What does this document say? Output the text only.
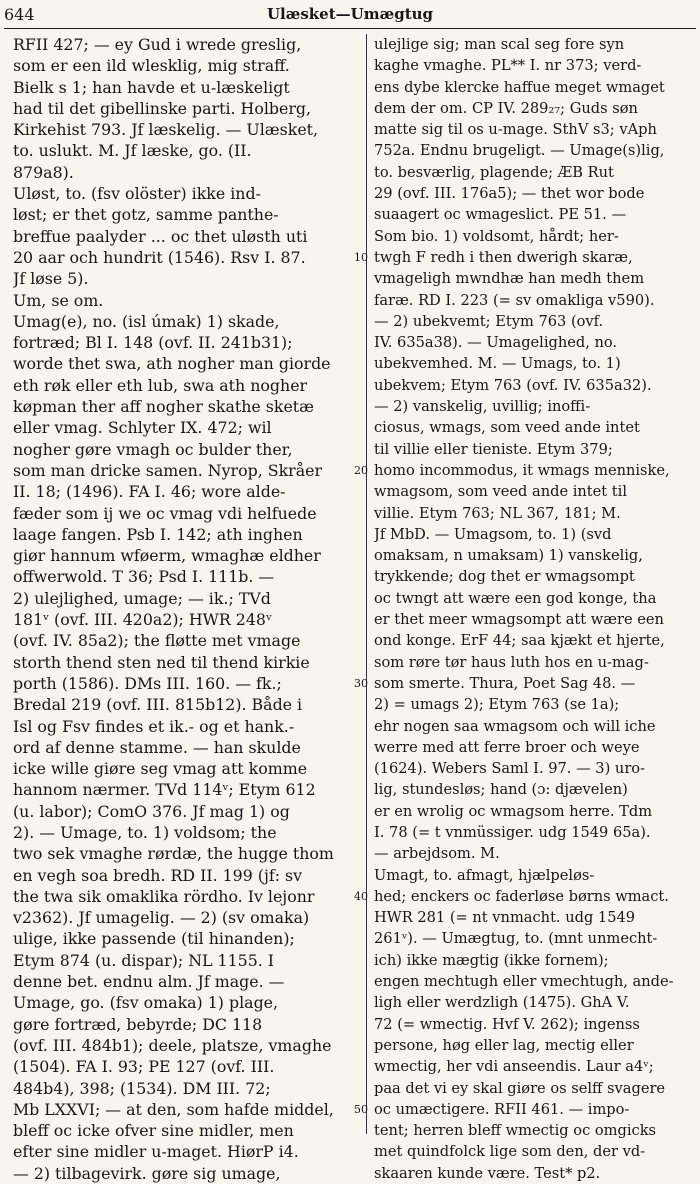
644	Ulæsket—Umægtug
RFII 427; — ey Gud i wrede greslig,
som er een ild wlesklig, mig straff.
Bielk s 1; han havde et u-læskeligt
had til det gibellinske parti. Holberg,
Kirkehist 793. Jf læskelig. — Ulæsket,
to. uslukt. M. Jf læske, go. (II.
879a8).
Uløst, to. (fsv olöster) ikke ind-
løst; er thet gotz, samme panthe-
breffue paalyder ... oc thet uløsth uti
20 aar och hundrit (1546). Rsv I. 87.
Jf løse 5).
Um, se om.
Umag(e), no. (isl úmak) 1) skade,
fortræd; Bl I. 148 (ovf. II. 241b31);
worde thet swa, ath nogher man giorde
eth røk eller eth lub, swa ath nogher
køpman ther aff nogher skathe sketæ
eller vmag. Schlyter IX. 472; wil
nogher gøre vmagh oc bulder ther,
som man dricke samen. Nyrop, Skråer
II. 18; (1496). FA I. 46; wore alde-
fæder som ij we oc vmag vdi helfuede
laage fangen. Psb I. 142; ath inghen
giør hannum wføerm, wmaghæ eldher
offwerwold. T 36; Psd I. 111b. —
2) ulejlighed, umage; — ik.; TVd
181ᵛ (ovf. III. 420a2); HWR 248ᵛ
(ovf. IV. 85a2); the fløtte met vmage
storth thend sten ned til thend kirkie
porth (1586). DMs III. 160. — fk.;
Bredal 219 (ovf. III. 815b12). Både i
Isl og Fsv findes et ik.- og et hank.-
ord af denne stamme. — han skulde
icke wille giøre seg vmag att komme
hannom nærmer. TVd 114ᵛ; Etym 612
(u. labor); ComO 376. Jf mag 1) og
2). — Umage, to. 1) voldsom; the
two sek vmaghe rørdæ, the hugge thom
en vegh soa bredh. RD II. 199 (jf: sv
the twa sik omaklika rördho. Iv lejonr
v2362). Jf umagelig. — 2) (sv omaka)
ulige, ikke passende (til hinanden);
Etym 874 (u. dispar); NL 1155. I
denne bet. endnu alm. Jf mage. —
Umage, go. (fsv omaka) 1) plage,
gøre fortræd, bebyrde; DC 118
(ovf. III. 484b1); deele, platsze, vmaghe
(1504). FA I. 93; PE 127 (ovf. III.
484b4), 398; (1534). DM III. 72;
Mb LXXVI; — at den, som hafde middel,
bleff oc icke ofver sine midler, men
efter sine midler u-maget. HiørP i4.
— 2) tilbagevirk. gøre sig umage,
ulejlige sig; man scal seg fore syn
kaghe vmaghe. PL** I. nr 373; verd-
ens dybe klercke haffue meget wmaget
dem der om. CP IV. 289₂₇; Guds søn
matte sig til os u-mage. SthV s3; vAph
752a. Endnu brugeligt. — Umage(s)lig,
to. besværlig, plagende; ÆB Rut
29 (ovf. III. 176a5); — thet wor bode
suaagert oc wmageslict. PE 51. —
Som bio. 1) voldsomt, hårdt; her-
twgh F redh i then dwerigh skaræ,
vmageligh mwndhæ han medh them
faræ. RD I. 223 (= sv omakliga v590).
— 2) ubekvemt; Etym 763 (ovf.
IV. 635a38). — Umagelighed, no.
ubekvemhed. M. — Umags, to. 1)
ubekvem; Etym 763 (ovf. IV. 635a32).
— 2) vanskelig, uvillig; inoffi-
ciosus, wmags, som veed ande intet
til villie eller tieniste. Etym 379;
homo incommodus, it wmags menniske,
wmagsom, som veed ande intet til
villie. Etym 763; NL 367, 181; M.
Jf MbD. — Umagsom, to. 1) (svd
omaksam, n umaksam) 1) vanskelig,
trykkende; dog thet er wmagsompt
oc twngt att wære een god konge, tha
er thet meer wmagsompt att wære een
ond konge. ErF 44; saa kjækt et hjerte,
som røre tør haus luth hos en u-mag-
som smerte. Thura, Poet Sag 48. —
2) = umags 2); Etym 763 (se 1a);
ehr nogen saa wmagsom och will iche
werre med att ferre broer och weye
(1624). Webers Saml I. 97. — 3) uro-
lig, stundesløs; hand (ɔ: djævelen)
er en wrolig oc wmagsom herre. Tdm
I. 78 (= t vnmüssiger. udg 1549 65a).
— arbejdsom. M.
Umagt, to. afmagt, hjælpeløs-
hed; enckers oc faderløse børns wmact.
HWR 281 (= nt vnmacht. udg 1549
261ᵛ). — Umægtug, to. (mnt unmecht-
ich) ikke mægtig (ikke fornem);
engen mechtugh eller vmechtugh, ande-
ligh eller werdzligh (1475). GhA V.
72 (= wmectig. Hvf V. 262); ingenss
persone, høg eller lag, mectig eller
wmectig, her vdi anseendis. Laur a4ᵛ;
paa det vi ey skal giøre os selff svagere
oc umæctigere. RFII 461. — impo-
tent; herren bleff wmectig oc omgicks
met quindfolck lige som den, der vd-
skaaren kunde være. Test* p2.
10
20
30
40
50
